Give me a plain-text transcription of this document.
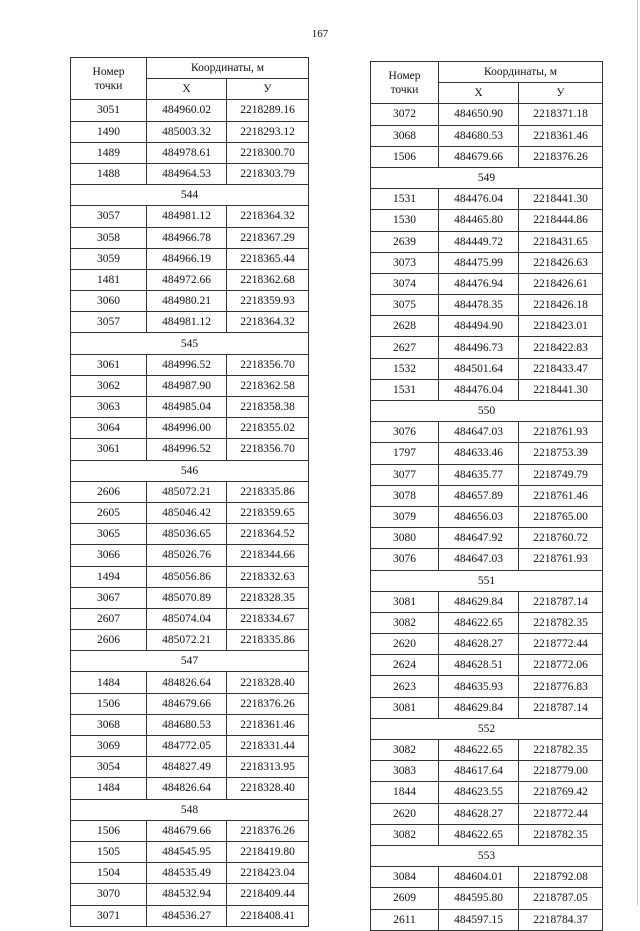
167
Номер
точки	Координаты, м	
	X	У
3051	484960.02	2218289.16
1490	485003.32	2218293.12
1489	484978.61	2218300.70
1488	484964.53	2218303.79
544		
3057	484981.12	2218364.32
3058	484966.78	2218367.29
3059	484966.19	2218365.44
1481	484972.66	2218362.68
3060	484980.21	2218359.93
3057	484981.12	2218364.32
545		
3061	484996.52	2218356.70
3062	484987.90	2218362.58
3063	484985.04	2218358.38
3064	484996.00	2218355.02
3061	484996.52	2218356.70
546		
2606	485072.21	2218335.86
2605	485046.42	2218359.65
3065	485036.65	2218364.52
3066	485026.76	2218344.66
1494	485056.86	2218332.63
3067	485070.89	2218328.35
2607	485074.04	2218334.67
2606	485072.21	2218335.86
547		
1484	484826.64	2218328.40
1506	484679.66	2218376.26
3068	484680.53	2218361.46
3069	484772.05	2218331.44
3054	484827.49	2218313.95
1484	484826.64	2218328.40
548		
1506	484679.66	2218376.26
1505	484545.95	2218419.80
1504	484535.49	2218423.04
3070	484532.94	2218409.44
3071	484536.27	2218408.41
Номер
точки	Координаты, м	
	X	У
3072	484650.90	2218371.18
3068	484680.53	2218361.46
1506	484679.66	2218376.26
549		
1531	484476.04	2218441.30
1530	484465.80	2218444.86
2639	484449.72	2218431.65
3073	484475.99	2218426.63
3074	484476.94	2218426.61
3075	484478.35	2218426.18
2628	484494.90	2218423.01
2627	484496.73	2218422.83
1532	484501.64	2218433.47
1531	484476.04	2218441.30
550		
3076	484647.03	2218761.93
1797	484633.46	2218753.39
3077	484635.77	2218749.79
3078	484657.89	2218761.46
3079	484656.03	2218765.00
3080	484647.92	2218760.72
3076	484647.03	2218761.93
551		
3081	484629.84	2218787.14
3082	484622.65	2218782.35
2620	484628.27	2218772.44
2624	484628.51	2218772.06
2623	484635.93	2218776.83
3081	484629.84	2218787.14
552		
3082	484622.65	2218782.35
3083	484617.64	2218779.00
1844	484623.55	2218769.42
2620	484628.27	2218772.44
3082	484622.65	2218782.35
553		
3084	484604.01	2218792.08
2609	484595.80	2218787.05
2611	484597.15	2218784.37
